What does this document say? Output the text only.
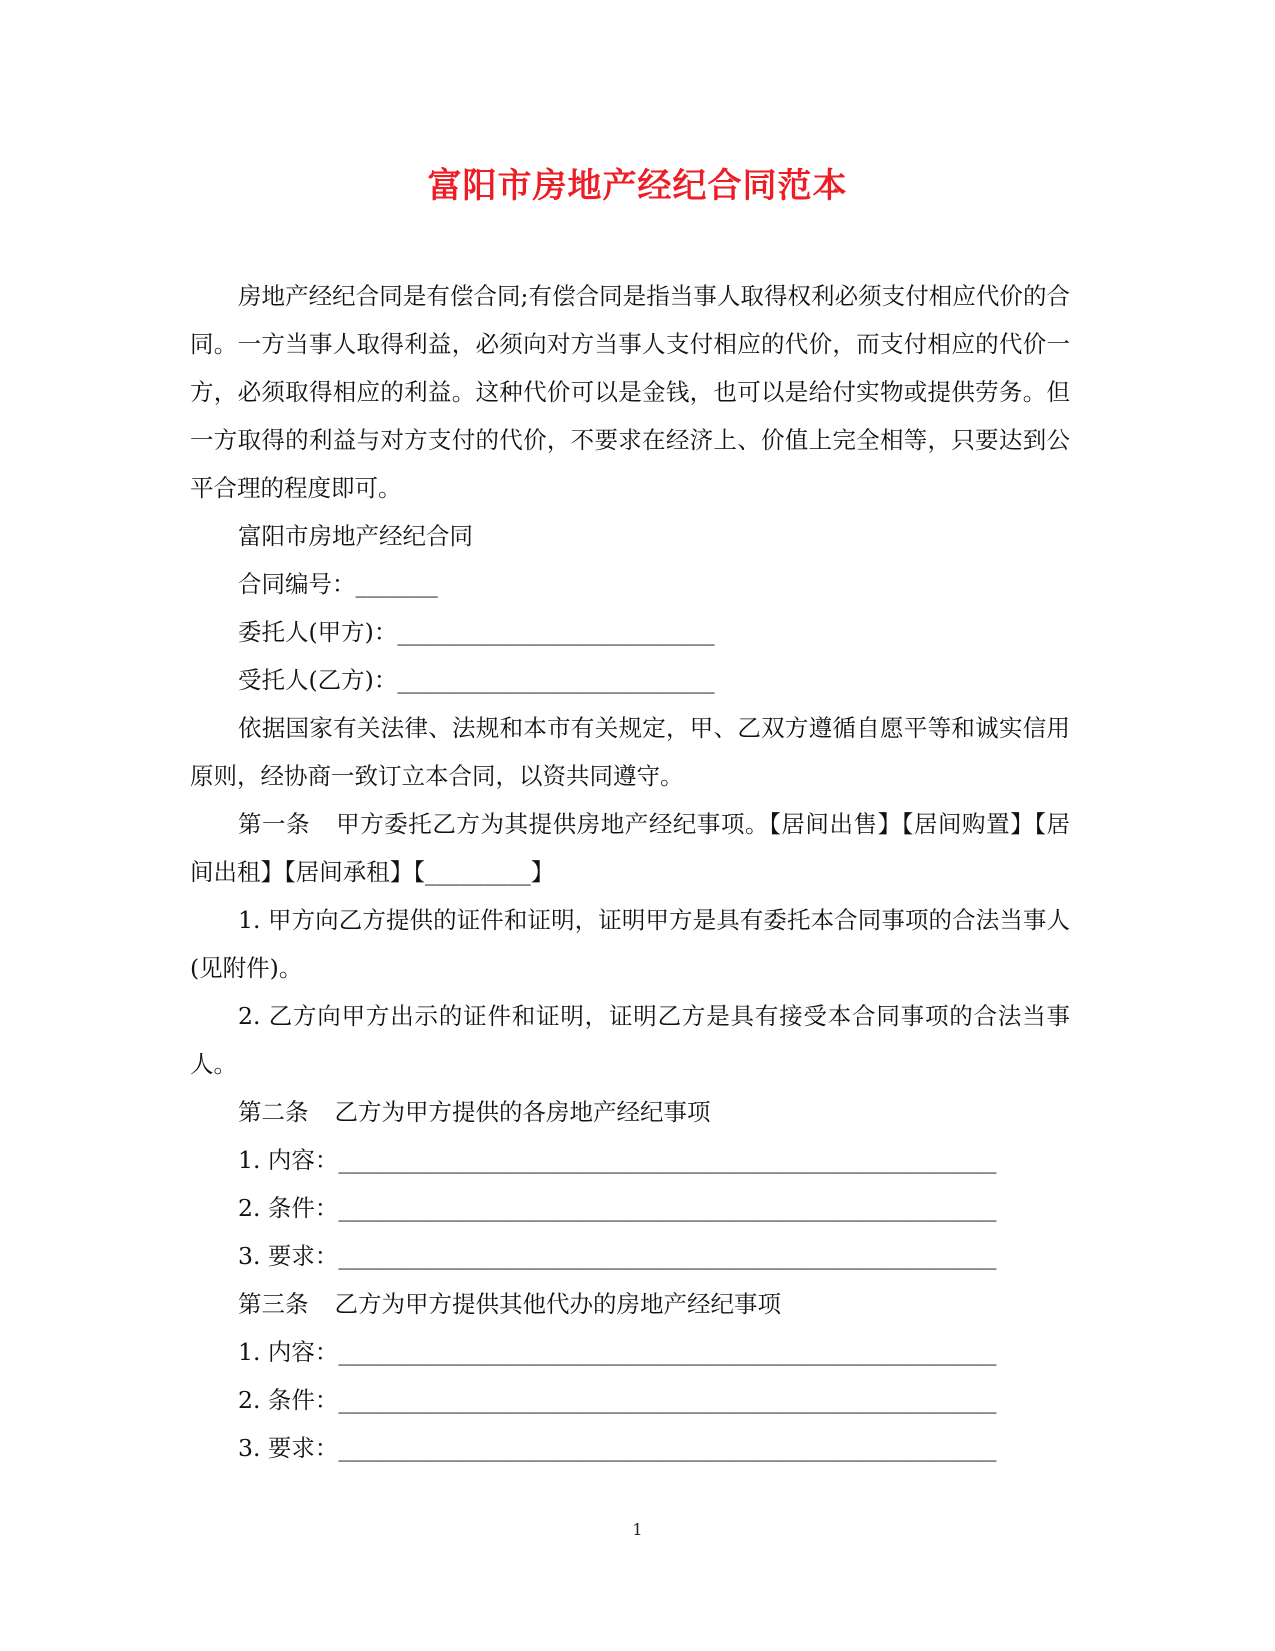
富阳市房地产经纪合同范本

房地产经纪合同是有偿合同;有偿合同是指当事人取得权利必须支付相应代价的合同。一方当事人取得利益，必须向对方当事人支付相应的代价，而支付相应的代价一方，必须取得相应的利益。这种代价可以是金钱，也可以是给付实物或提供劳务。但一方取得的利益与对方支付的代价，不要求在经济上、价值上完全相等，只要达到公平合理的程度即可。

富阳市房地产经纪合同

合同编号：_______

委托人(甲方)：___________________________

受托人(乙方)：___________________________

依据国家有关法律、法规和本市有关规定，甲、乙双方遵循自愿平等和诚实信用原则，经协商一致订立本合同，以资共同遵守。

第一条 甲方委托乙方为其提供房地产经纪事项。【居间出售】【居间购置】【居间出租】【居间承租】【_________】

1. 甲方向乙方提供的证件和证明，证明甲方是具有委托本合同事项的合法当事人(见附件)。

2. 乙方向甲方出示的证件和证明，证明乙方是具有接受本合同事项的合法当事人。

第二条 乙方为甲方提供的各房地产经纪事项

1. 内容：________________________________________________________

2. 条件：________________________________________________________

3. 要求：________________________________________________________

第三条 乙方为甲方提供其他代办的房地产经纪事项

1. 内容：________________________________________________________

2. 条件：________________________________________________________

3. 要求：________________________________________________________

1
